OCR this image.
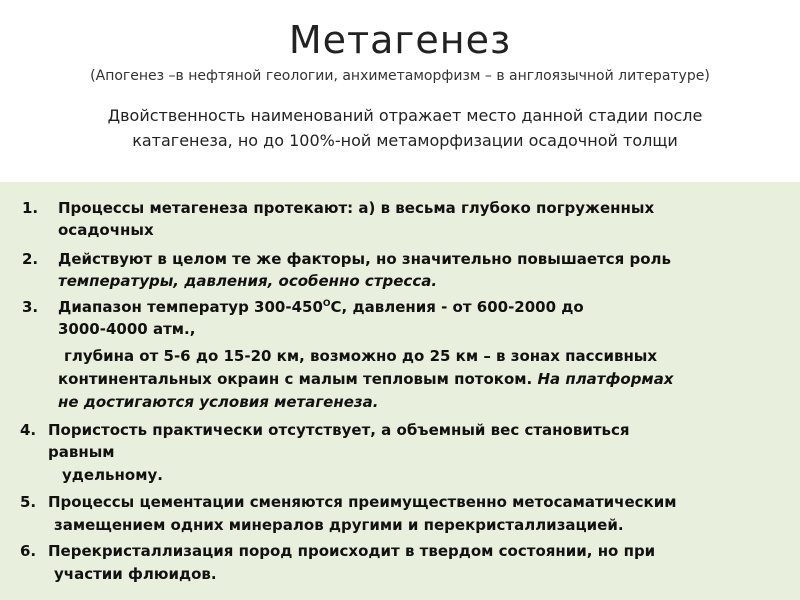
Метагенез
(Апогенез –в нефтяной геологии, анхиметаморфизм – в англоязычной литературе)
Двойственность наименований отражает место данной стадии после
катагенеза, но до 100%-ной метаморфизации осадочной толщи
1. Процессы метагенеза протекают: а) в весьма глубоко погруженных
осадочных
2. Действуют в целом те же факторы, но значительно повышается роль
температуры, давления, особенно стресса.
3. Диапазон температур $300-450^ОС$, давления - от 600-2000 до
3000-4000 атм.,
глубина от 5-6 до 15-20 км, возможно до 25 км – в зонах пассивных
континентальных окраин с малым тепловым потоком. На платформах
не достигаются условия метагенеза.
4. Пористость практически отсутствует, а объемный вес становиться
равным
удельному.
5. Процессы цементации сменяются преимущественно метосаматическим
замещением одних минералов другими и перекристаллизацией.
6. Перекристаллизация пород происходит в твердом состоянии, но при
участии флюидов.
